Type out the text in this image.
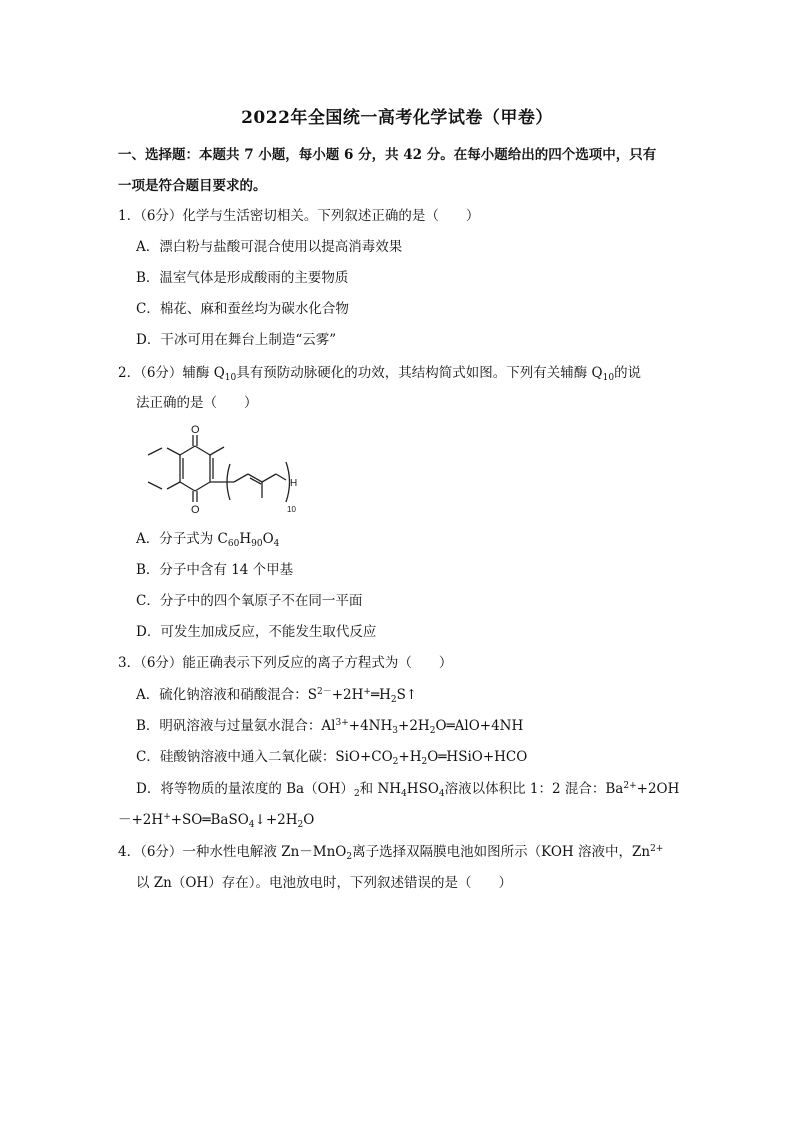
2022年全国统一高考化学试卷（甲卷）
一、选择题：本题共 7 小题，每小题 6 分，共 42 分。在每小题给出的四个选项中，只有
一项是符合题目要求的。
1．（6分）化学与生活密切相关。下列叙述正确的是（　　）
A．漂白粉与盐酸可混合使用以提高消毒效果
B．温室气体是形成酸雨的主要物质
C．棉花、麻和蚕丝均为碳水化合物
D．干冰可用在舞台上制造“云雾”
2．（6分）辅酶 $Q_{10}$具有预防动脉硬化的功效，其结构简式如图。下列有关辅酶 $Q_{10}$的说
法正确的是（　　）
O
O
H
10
A．分子式为 $C_{60}H_{90}O_4$
B．分子中含有 14 个甲基
C．分子中的四个氧原子不在同一平面
D．可发生加成反应，不能发生取代反应
3．（6分）能正确表示下列反应的离子方程式为（　　）
A．硫化钠溶液和硝酸混合：$S^{2-}+2H^+═H_2S↑$
B．明矾溶液与过量氨水混合：$Al^{3+}+4NH_3+2H_2O═AlO+4NH$
C．硅酸钠溶液中通入二氧化碳：$SiO+CO_2+H_2O═HSiO+HCO$
D．将等物质的量浓度的 $Ba(OH)_2$和 $NH_4HSO_4$溶液以体积比 1：2 混合：$Ba^{2+}+2OH$
$-+2H^++SO═BaSO_4↓+2H_2O$
4．（6分）一种水性电解液 Zn－MnO$_2$离子选择双隔膜电池如图所示（KOH 溶液中，$Zn^{2+}$
以 Zn（OH）存在）。电池放电时，下列叙述错误的是（　　）
